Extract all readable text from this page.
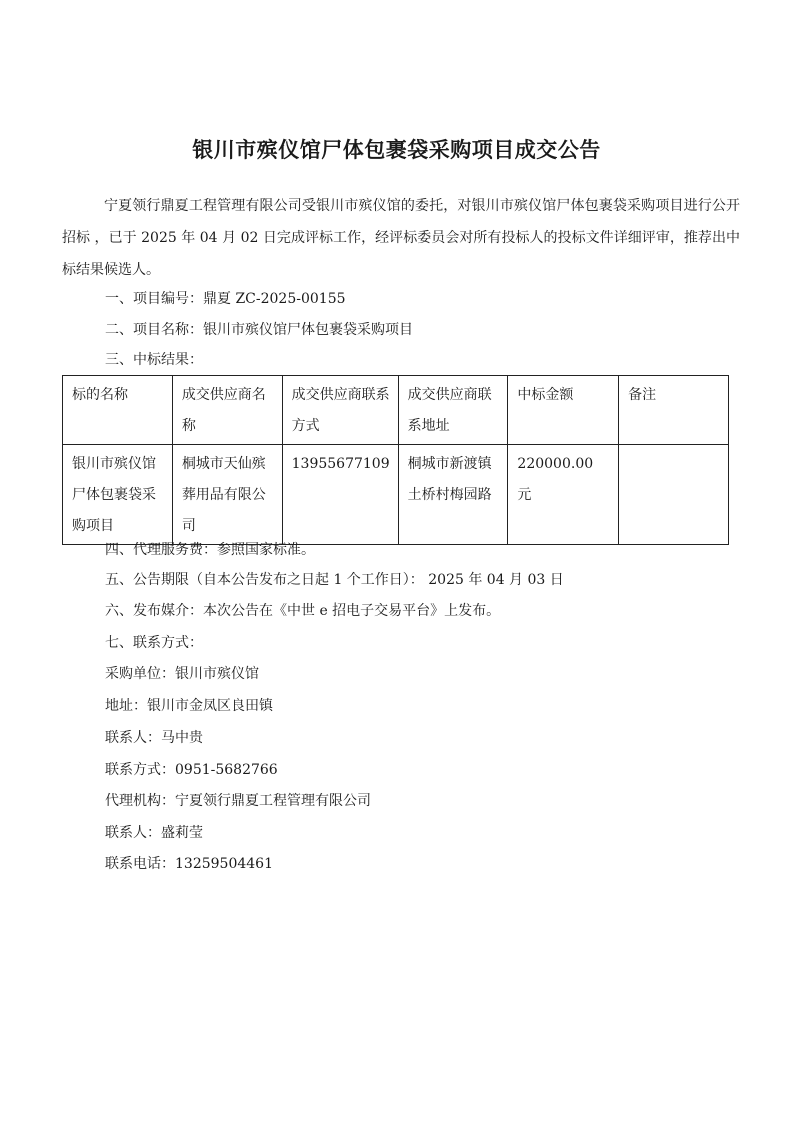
银川市殡仪馆尸体包裹袋采购项目成交公告

宁夏领行鼎夏工程管理有限公司受银川市殡仪馆的委托，对银川市殡仪馆尸体包裹袋采购项目进行公开招标 ，已于 2025 年 04 月 02 日完成评标工作，经评标委员会对所有投标人的投标文件详细评审，推荐出中标结果候选人。

一、项目编号：鼎夏 ZC-2025-00155
二、项目名称：银川市殡仪馆尸体包裹袋采购项目
三、中标结果：
标的名称	成交供应商名称	成交供应商联系方式	成交供应商联系地址	中标金额	备注
银川市殡仪馆尸体包裹袋采购项目	桐城市天仙殡葬用品有限公司	13955677109	桐城市新渡镇土桥村梅园路	220000.00 元	
四、代理服务费：参照国家标准。
五、公告期限（自本公告发布之日起 1 个工作日）： 2025 年 04 月 03 日
六、发布媒介：本次公告在《中世 e 招电子交易平台》上发布。
七、联系方式：
采购单位：银川市殡仪馆
地址：银川市金凤区良田镇
联系人：马中贵
联系方式：0951-5682766
代理机构：宁夏领行鼎夏工程管理有限公司
联系人：盛莉莹
联系电话：13259504461
